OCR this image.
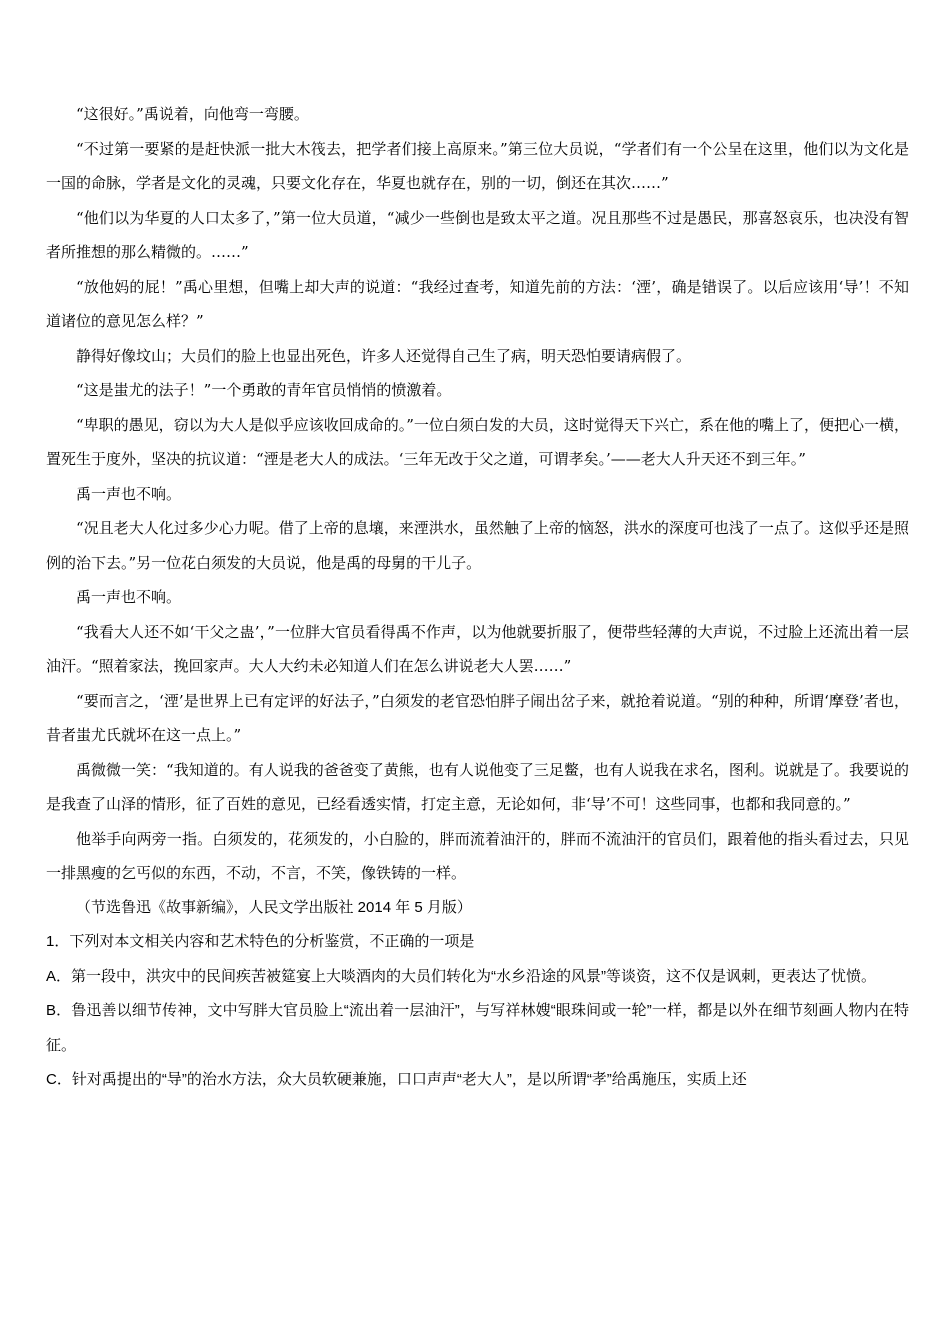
“这很好。”禹说着，向他弯一弯腰。

“不过第一要紧的是赶快派一批大木筏去，把学者们接上高原来。”第三位大员说，“学者们有一个公呈在这里，他们以为文化是一国的命脉，学者是文化的灵魂，只要文化存在，华夏也就存在，别的一切，倒还在其次……”

“他们以为华夏的人口太多了，”第一位大员道，“减少一些倒也是致太平之道。况且那些不过是愚民，那喜怒哀乐，也决没有智者所推想的那么精微的。……”

“放他妈的屁！”禹心里想，但嘴上却大声的说道：“我经过查考，知道先前的方法：‘湮’，确是错误了。以后应该用‘导’！不知道诸位的意见怎么样？”

静得好像坟山；大员们的脸上也显出死色，许多人还觉得自己生了病，明天恐怕要请病假了。

“这是蚩尤的法子！”一个勇敢的青年官员悄悄的愤激着。

“卑职的愚见，窃以为大人是似乎应该收回成命的。”一位白须白发的大员，这时觉得天下兴亡，系在他的嘴上了，便把心一横，置死生于度外，坚决的抗议道：“湮是老大人的成法。‘三年无改于父之道，可谓孝矣。’——老大人升天还不到三年。”

禹一声也不响。

“况且老大人化过多少心力呢。借了上帝的息壤，来湮洪水，虽然触了上帝的恼怒，洪水的深度可也浅了一点了。这似乎还是照例的治下去。”另一位花白须发的大员说，他是禹的母舅的干儿子。

禹一声也不响。

“我看大人还不如‘干父之蛊’，”一位胖大官员看得禹不作声，以为他就要折服了，便带些轻薄的大声说，不过脸上还流出着一层油汗。“照着家法，挽回家声。大人大约未必知道人们在怎么讲说老大人罢……”

“要而言之，‘湮’是世界上已有定评的好法子，”白须发的老官恐怕胖子闹出岔子来，就抢着说道。“别的种种，所谓‘摩登’者也，昔者蚩尤氏就坏在这一点上。”

禹微微一笑：“我知道的。有人说我的爸爸变了黄熊，也有人说他变了三足鳖，也有人说我在求名，图利。说就是了。我要说的是我查了山泽的情形，征了百姓的意见，已经看透实情，打定主意，无论如何，非‘导’不可！这些同事，也都和我同意的。”

他举手向两旁一指。白须发的，花须发的，小白脸的，胖而流着油汗的，胖而不流油汗的官员们，跟着他的指头看过去，只见一排黑瘦的乞丐似的东西，不动，不言，不笑，像铁铸的一样。

（节选鲁迅《故事新编》，人民文学出版社 2014 年 5 月版）

1．下列对本文相关内容和艺术特色的分析鉴赏，不正确的一项是

A．第一段中，洪灾中的民间疾苦被筵宴上大啖酒肉的大员们转化为“水乡沿途的风景”等谈资，这不仅是讽刺，更表达了忧愤。

B．鲁迅善以细节传神，文中写胖大官员脸上“流出着一层油汗”，与写祥林嫂“眼珠间或一轮”一样，都是以外在细节刻画人物内在特征。

C．针对禹提出的“导”的治水方法，众大员软硬兼施，口口声声“老大人”，是以所谓“孝”给禹施压，实质上还
